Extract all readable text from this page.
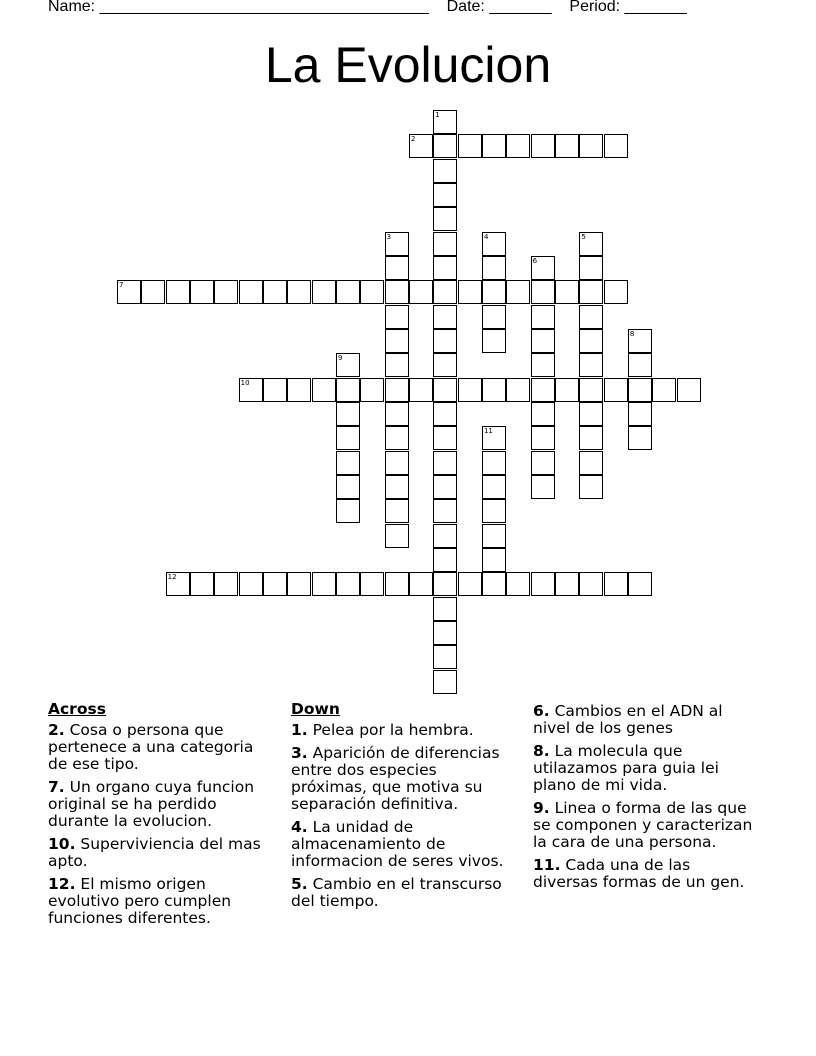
Name: _____________________________________ Date: _______ Period: _______
La Evolucion
1
2
3	4	5
6
7
8
9
10
11
12
Across
2. Cosa o persona que pertenece a una categoria de ese tipo.
7. Un organo cuya funcion original se ha perdido durante la evolucion.
10. Superviviencia del mas apto.
12. El mismo origen evolutivo pero cumplen funciones diferentes.
Down
1. Pelea por la hembra.
3. Aparición de diferencias entre dos especies próximas, que motiva su separación definitiva.
4. La unidad de almacenamiento de informacion de seres vivos.
5. Cambio en el transcurso del tiempo.
6. Cambios en el ADN al nivel de los genes
8. La molecula que utilazamos para guia lei plano de mi vida.
9. Linea o forma de las que se componen y caracterizan la cara de una persona.
11. Cada una de las diversas formas de un gen.
